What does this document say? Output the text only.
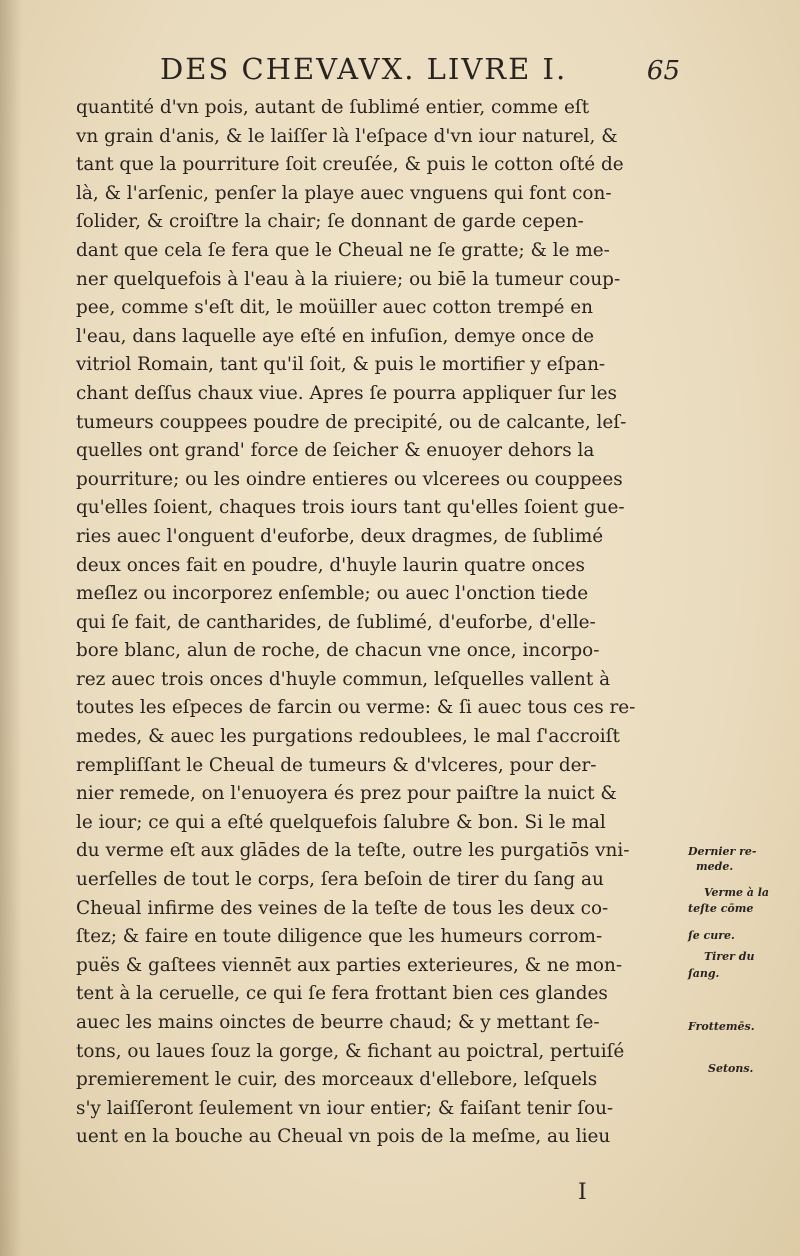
DES CHEVAVX. LIVRE I.	65
quantité d'vn pois, autant de ſublimé entier, comme eſt
vn grain d'anis, & le laiſſer là l'eſpace d'vn iour naturel, &
tant que la pourriture ſoit creuſée, & puis le cotton oſté de
là, & l'arſenic, penſer la playe auec vnguens qui font con-
ſolider, & croiſtre la chair; ſe donnant de garde cepen-
dant que cela ſe fera que le Cheual ne ſe gratte; & le me-
ner quelquefois à l'eau à la riuiere; ou biē la tumeur coup-
pee, comme s'eſt dit, le moüiller auec cotton trempé en
l'eau, dans laquelle aye eſté en infuſion, demye once de
vitriol Romain, tant qu'il ſoit, & puis le mortifier y eſpan-
chant deſſus chaux viue. Apres ſe pourra appliquer ſur les
tumeurs couppees poudre de precipité, ou de calcante, leſ-
quelles ont grand' force de ſeicher & enuoyer dehors la
pourriture; ou les oindre entieres ou vlcerees ou couppees
qu'elles ſoient, chaques trois iours tant qu'elles ſoient gue-
ries auec l'onguent d'euforbe, deux dragmes, de ſublimé
deux onces fait en poudre, d'huyle laurin quatre onces
meſlez ou incorporez enſemble; ou auec l'onction tiede
qui ſe fait, de cantharides, de ſublimé, d'euforbe, d'elle-
bore blanc, alun de roche, de chacun vne once, incorpo-
rez auec trois onces d'huyle commun, leſquelles vallent à
toutes les eſpeces de farcin ou verme: & ſi auec tous ces re-
medes, & auec les purgations redoublees, le mal ſ'accroiſt
rempliſſant le Cheual de tumeurs & d'vlceres, pour der-
nier remede, on l'enuoyera és prez pour paiſtre la nuict &
le iour; ce qui a eſté quelquefois ſalubre & bon. Si le mal
du verme eſt aux glādes de la teſte, outre les purgatiōs vni-
uerſelles de tout le corps, ſera beſoin de tirer du ſang au
Cheual infirme des veines de la teſte de tous les deux co-
ſtez; & faire en toute diligence que les humeurs corrom-
puës & gaſtees viennēt aux parties exterieures, & ne mon-
tent à la ceruelle, ce qui ſe fera frottant bien ces glandes
auec les mains oinctes de beurre chaud; & y mettant ſe-
tons, ou laues ſouz la gorge, & fichant au poictral, pertuiſé
premierement le cuir, des morceaux d'ellebore, leſquels
s'y laiſſeront ſeulement vn iour entier; & faiſant tenir ſou-
uent en la bouche au Cheual vn pois de la meſme, au lieu
Dernier re-
mede.
Verme à la
teſte cōme
ſe cure.
Tirer du
ſang.
Frottemēs.
Setons.
I
